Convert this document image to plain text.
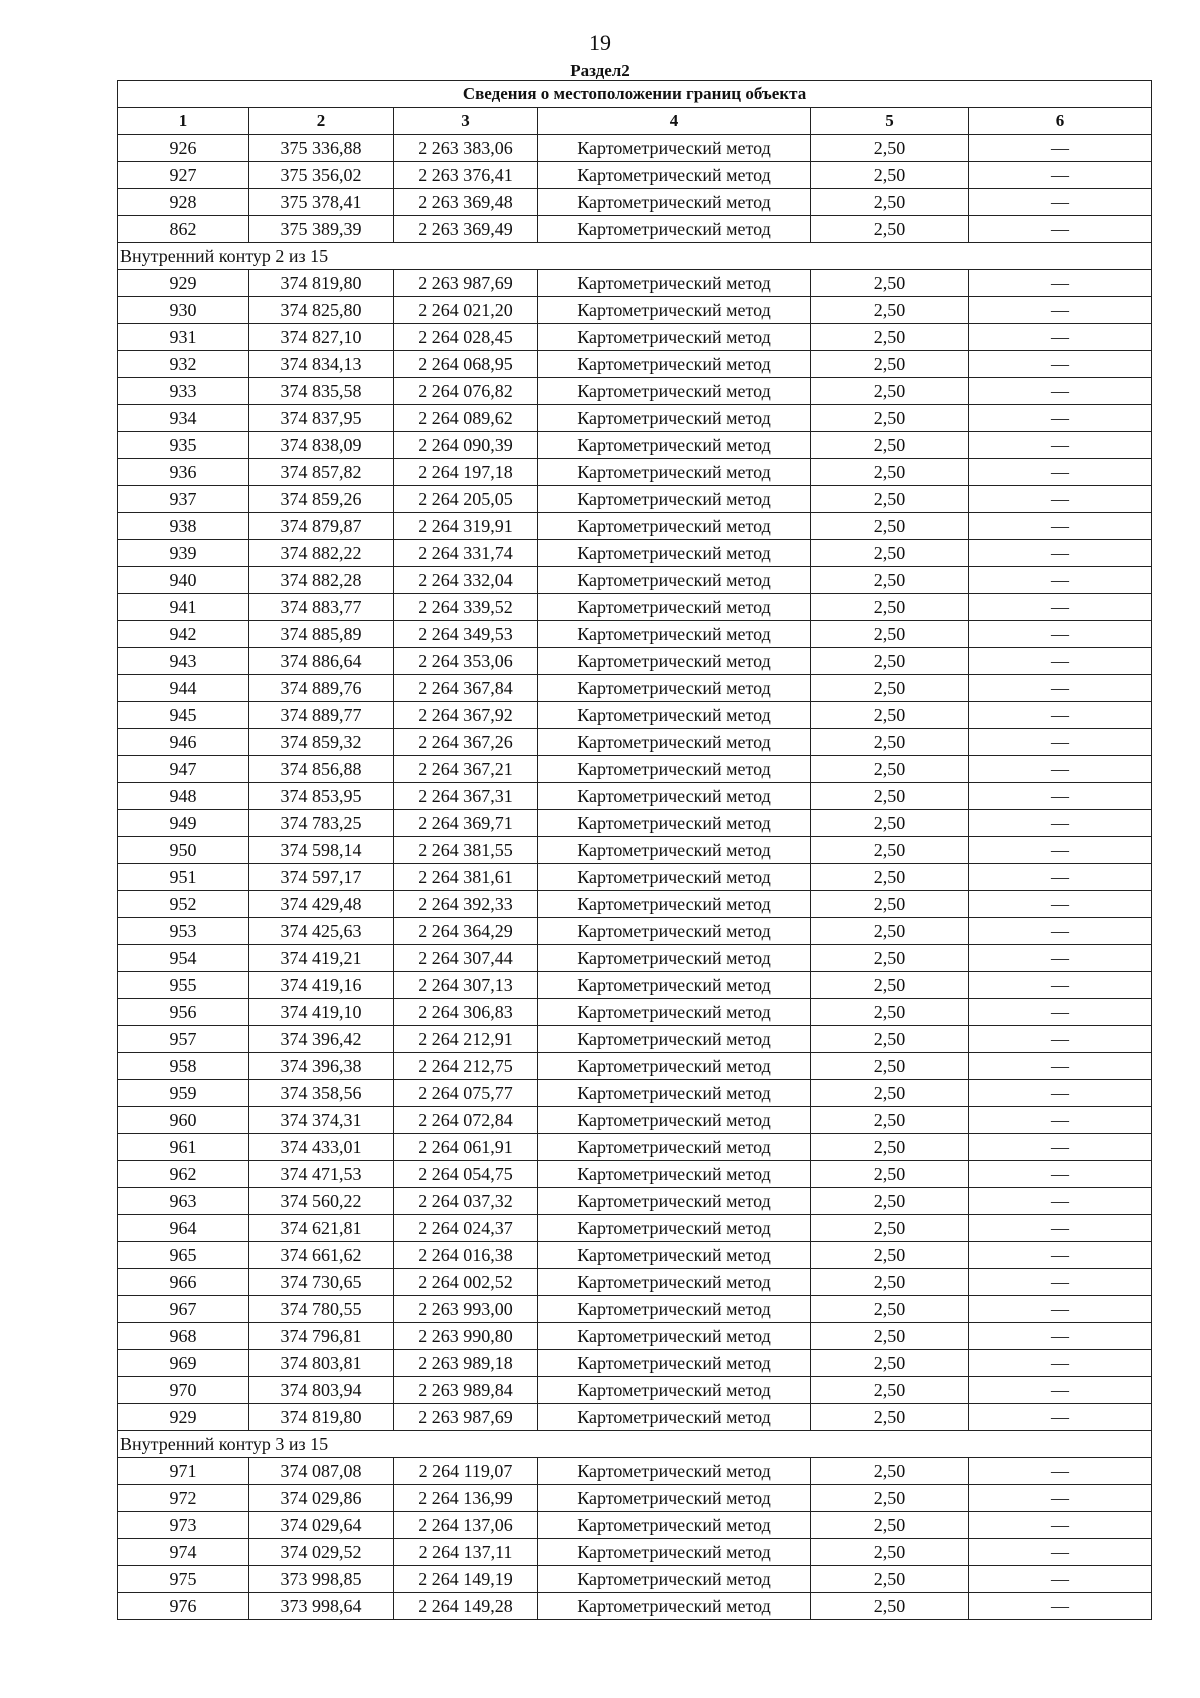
19
Раздел2
Сведения о местоположении границ объекта					
1	2	3	4	5	6
926	375 336,88	2 263 383,06	Картометрический метод	2,50	—
927	375 356,02	2 263 376,41	Картометрический метод	2,50	—
928	375 378,41	2 263 369,48	Картометрический метод	2,50	—
862	375 389,39	2 263 369,49	Картометрический метод	2,50	—
Внутренний контур 2 из 15					
929	374 819,80	2 263 987,69	Картометрический метод	2,50	—
930	374 825,80	2 264 021,20	Картометрический метод	2,50	—
931	374 827,10	2 264 028,45	Картометрический метод	2,50	—
932	374 834,13	2 264 068,95	Картометрический метод	2,50	—
933	374 835,58	2 264 076,82	Картометрический метод	2,50	—
934	374 837,95	2 264 089,62	Картометрический метод	2,50	—
935	374 838,09	2 264 090,39	Картометрический метод	2,50	—
936	374 857,82	2 264 197,18	Картометрический метод	2,50	—
937	374 859,26	2 264 205,05	Картометрический метод	2,50	—
938	374 879,87	2 264 319,91	Картометрический метод	2,50	—
939	374 882,22	2 264 331,74	Картометрический метод	2,50	—
940	374 882,28	2 264 332,04	Картометрический метод	2,50	—
941	374 883,77	2 264 339,52	Картометрический метод	2,50	—
942	374 885,89	2 264 349,53	Картометрический метод	2,50	—
943	374 886,64	2 264 353,06	Картометрический метод	2,50	—
944	374 889,76	2 264 367,84	Картометрический метод	2,50	—
945	374 889,77	2 264 367,92	Картометрический метод	2,50	—
946	374 859,32	2 264 367,26	Картометрический метод	2,50	—
947	374 856,88	2 264 367,21	Картометрический метод	2,50	—
948	374 853,95	2 264 367,31	Картометрический метод	2,50	—
949	374 783,25	2 264 369,71	Картометрический метод	2,50	—
950	374 598,14	2 264 381,55	Картометрический метод	2,50	—
951	374 597,17	2 264 381,61	Картометрический метод	2,50	—
952	374 429,48	2 264 392,33	Картометрический метод	2,50	—
953	374 425,63	2 264 364,29	Картометрический метод	2,50	—
954	374 419,21	2 264 307,44	Картометрический метод	2,50	—
955	374 419,16	2 264 307,13	Картометрический метод	2,50	—
956	374 419,10	2 264 306,83	Картометрический метод	2,50	—
957	374 396,42	2 264 212,91	Картометрический метод	2,50	—
958	374 396,38	2 264 212,75	Картометрический метод	2,50	—
959	374 358,56	2 264 075,77	Картометрический метод	2,50	—
960	374 374,31	2 264 072,84	Картометрический метод	2,50	—
961	374 433,01	2 264 061,91	Картометрический метод	2,50	—
962	374 471,53	2 264 054,75	Картометрический метод	2,50	—
963	374 560,22	2 264 037,32	Картометрический метод	2,50	—
964	374 621,81	2 264 024,37	Картометрический метод	2,50	—
965	374 661,62	2 264 016,38	Картометрический метод	2,50	—
966	374 730,65	2 264 002,52	Картометрический метод	2,50	—
967	374 780,55	2 263 993,00	Картометрический метод	2,50	—
968	374 796,81	2 263 990,80	Картометрический метод	2,50	—
969	374 803,81	2 263 989,18	Картометрический метод	2,50	—
970	374 803,94	2 263 989,84	Картометрический метод	2,50	—
929	374 819,80	2 263 987,69	Картометрический метод	2,50	—
Внутренний контур 3 из 15					
971	374 087,08	2 264 119,07	Картометрический метод	2,50	—
972	374 029,86	2 264 136,99	Картометрический метод	2,50	—
973	374 029,64	2 264 137,06	Картометрический метод	2,50	—
974	374 029,52	2 264 137,11	Картометрический метод	2,50	—
975	373 998,85	2 264 149,19	Картометрический метод	2,50	—
976	373 998,64	2 264 149,28	Картометрический метод	2,50	—
